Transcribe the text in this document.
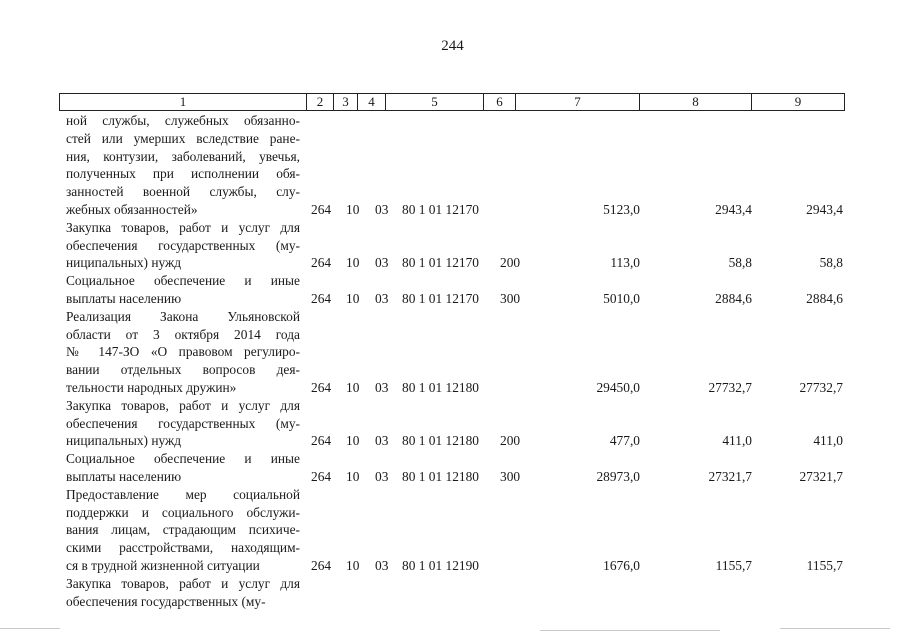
244
1	2	3	4	5	6	7	8	9
ной службы, служебных обязанно-
стей или умерших вследствие ране-
ния, контузии, заболеваний, увечья,
полученных при исполнении обя-
занностей военной службы, слу-
жебных обязанностей»	264 10 03 80 1 01 12170	5123,0	2943,4	2943,4
Закупка товаров, работ и услуг для
обеспечения государственных (му-
ниципальных) нужд	264 10 03 80 1 01 12170 200	113,0	58,8	58,8
Социальное обеспечение и иные
выплаты населению	264 10 03 80 1 01 12170 300	5010,0	2884,6	2884,6
Реализация Закона Ульяновской
области от 3 октября 2014 года
№ 147-ЗО «О правовом регулиро-
вании отдельных вопросов дея-
тельности народных дружин»	264 10 03 80 1 01 12180	29450,0	27732,7	27732,7
Закупка товаров, работ и услуг для
обеспечения государственных (му-
ниципальных) нужд	264 10 03 80 1 01 12180 200	477,0	411,0	411,0
Социальное обеспечение и иные
выплаты населению	264 10 03 80 1 01 12180 300	28973,0	27321,7	27321,7
Предоставление мер социальной
поддержки и социального обслужи-
вания лицам, страдающим психиче-
скими расстройствами, находящим-
ся в трудной жизненной ситуации	264 10 03 80 1 01 12190	1676,0	1155,7	1155,7
Закупка товаров, работ и услуг для
обеспечения государственных (му-
